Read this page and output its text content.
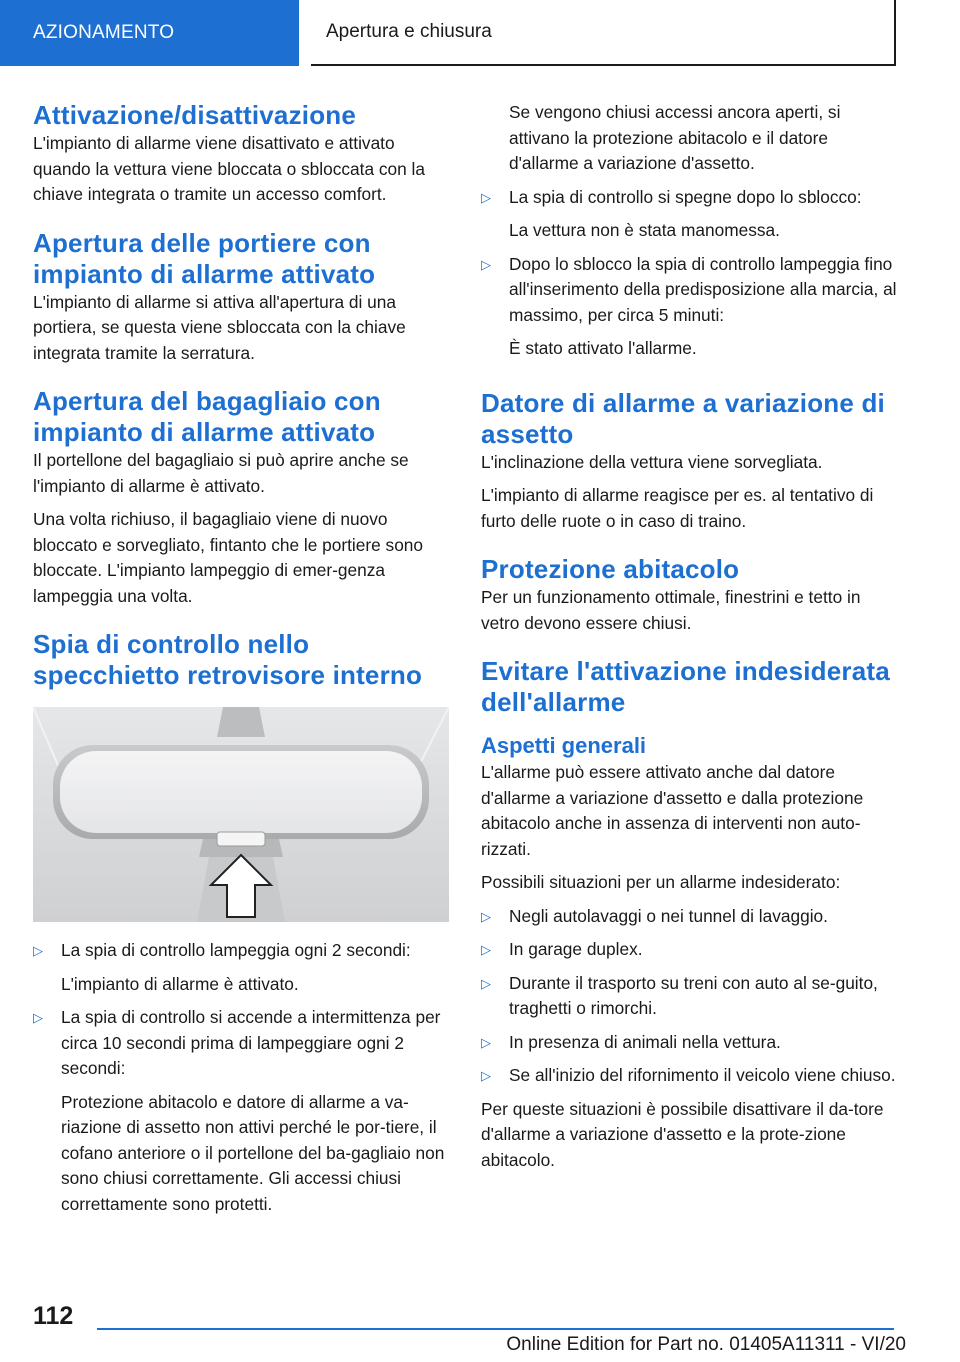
AZIONAMENTO	Apertura e chiusura
Attivazione/disattivazione

L'impianto di allarme viene disattivato e attivato quando la vettura viene bloccata o sbloccata con la chiave integrata o tramite un accesso comfort.

Apertura delle portiere con impianto di allarme attivato

L'impianto di allarme si attiva all'apertura di una portiera, se questa viene sbloccata con la chiave integrata tramite la serratura.

Apertura del bagagliaio con impianto di allarme attivato

Il portellone del bagagliaio si può aprire anche se l'impianto di allarme è attivato.

Una volta richiuso, il bagagliaio viene di nuovo bloccato e sorvegliato, fintanto che le portiere sono bloccate. L'impianto lampeggio di emer-genza lampeggia una volta.

Spia di controllo nello specchietto retrovisore interno
▷ La spia di controllo lampeggia ogni 2 secondi:

L'impianto di allarme è attivato.

▷ La spia di controllo si accende a intermittenza per circa 10 secondi prima di lampeggiare ogni 2 secondi:

Protezione abitacolo e datore di allarme a va-riazione di assetto non attivi perché le por-tiere, il cofano anteriore o il portellone del ba-gagliaio non sono chiusi correttamente. Gli accessi chiusi correttamente sono protetti.

Se vengono chiusi accessi ancora aperti, si attivano la protezione abitacolo e il datore d'allarme a variazione d'assetto.

▷ La spia di controllo si spegne dopo lo sblocco:

La vettura non è stata manomessa.

▷ Dopo lo sblocco la spia di controllo lampeggia fino all'inserimento della predisposizione alla marcia, al massimo, per circa 5 minuti:

È stato attivato l'allarme.

Datore di allarme a variazione di assetto

L'inclinazione della vettura viene sorvegliata.

L'impianto di allarme reagisce per es. al tentativo di furto delle ruote o in caso di traino.

Protezione abitacolo

Per un funzionamento ottimale, finestrini e tetto in vetro devono essere chiusi.

Evitare l'attivazione indesiderata dell'allarme
Aspetti generali

L'allarme può essere attivato anche dal datore d'allarme a variazione d'assetto e dalla protezione abitacolo anche in assenza di interventi non auto-rizzati.

Possibili situazioni per un allarme indesiderato:

▷ Negli autolavaggi o nei tunnel di lavaggio.

▷ In garage duplex.

▷ Durante il trasporto su treni con auto al se-guito, traghetti o rimorchi.

▷ In presenza di animali nella vettura.

▷ Se all'inizio del rifornimento il veicolo viene chiuso.

Per queste situazioni è possibile disattivare il da-tore d'allarme a variazione d'assetto e la prote-zione abitacolo.

112
Online Edition for Part no. 01405A11311 - VI/20
